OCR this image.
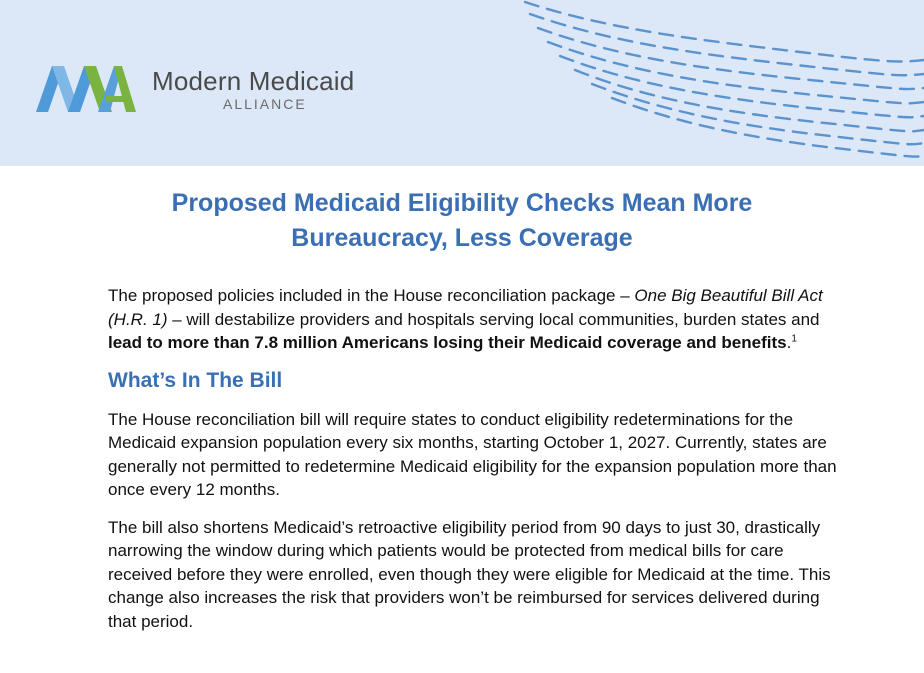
Modern Medicaid
ALLIANCE
Proposed Medicaid Eligibility Checks Mean More Bureaucracy, Less Coverage

The proposed policies included in the House reconciliation package – One Big Beautiful Bill Act (H.R. 1) – will destabilize providers and hospitals serving local communities, burden states and lead to more than 7.8 million Americans losing their Medicaid coverage and benefits.$^1$

What’s In The Bill

The House reconciliation bill will require states to conduct eligibility redeterminations for the Medicaid expansion population every six months, starting October 1, 2027. Currently, states are generally not permitted to redetermine Medicaid eligibility for the expansion population more than once every 12 months.

The bill also shortens Medicaid’s retroactive eligibility period from 90 days to just 30, drastically narrowing the window during which patients would be protected from medical bills for care received before they were enrolled, even though they were eligible for Medicaid at the time. This change also increases the risk that providers won’t be reimbursed for services delivered during that period.
